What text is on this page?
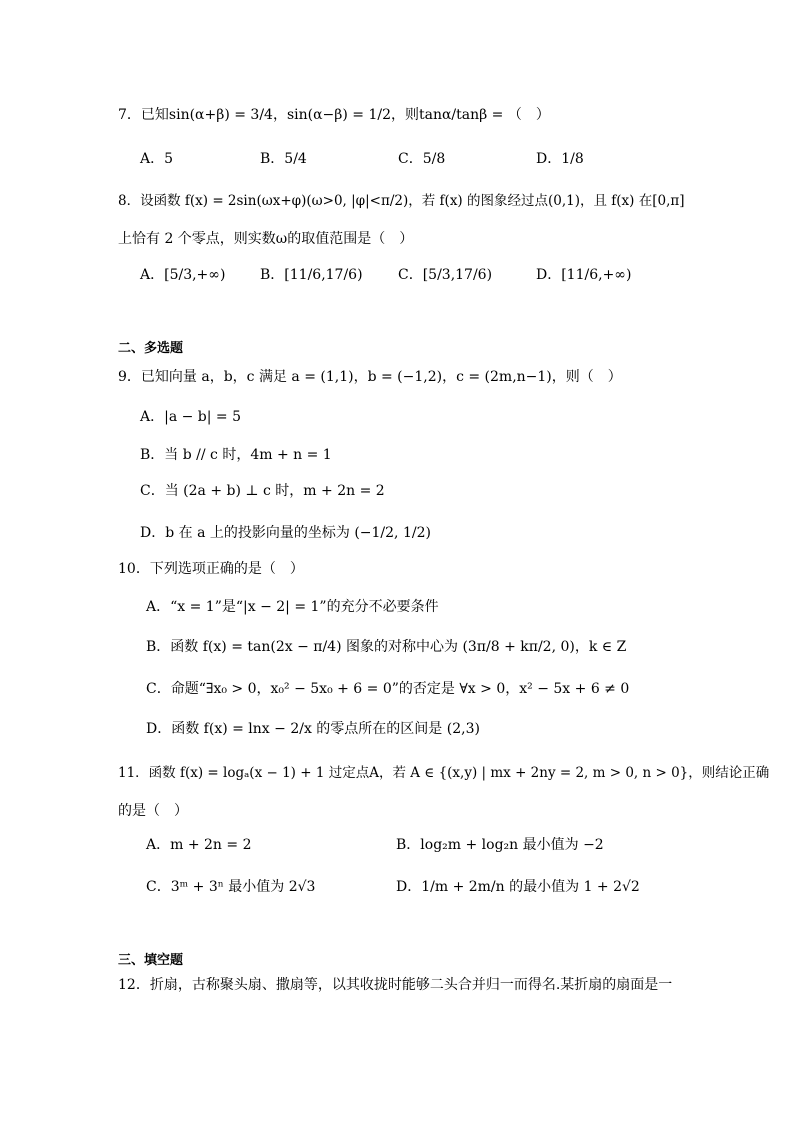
7．已知sin(α+β) = 3/4，sin(α−β) = 1/2，则tanα/tanβ = （　）
A．5	B．5/4	C．5/8	D．1/8
8．设函数 f(x) = 2sin(ωx+φ)(ω>0, |φ|<π/2)，若 f(x) 的图象经过点(0,1)，且 f(x) 在[0,π]
上恰有 2 个零点，则实数ω的取值范围是（　）
A．[5/3,+∞) B．[11/6,17/6)	C．[5/3,17/6)	D．[11/6,+∞)
二、多选题
9．已知向量 a，b，c 满足 a = (1,1)，b = (−1,2)，c = (2m,n−1)，则（　）
A．|a − b| = 5
B．当 b // c 时，4m + n = 1
C．当 (2a + b) ⊥ c 时，m + 2n = 2
D．b 在 a 上的投影向量的坐标为 (−1/2, 1/2)
10．下列选项正确的是（　）
A．“x = 1”是“|x − 2| = 1”的充分不必要条件
B．函数 f(x) = tan(2x − π/4) 图象的对称中心为 (3π/8 + kπ/2, 0)，k ∈ Z
C．命题“∃x₀ > 0，x₀² − 5x₀ + 6 = 0”的否定是 ∀x > 0，x² − 5x + 6 ≠ 0
D．函数 f(x) = lnx − 2/x 的零点所在的区间是 (2,3)
11．函数 f(x) = logₐ(x − 1) + 1 过定点A，若 A ∈ {(x,y) | mx + 2ny = 2, m > 0, n > 0}，则结论正确
的是（　）
A．m + 2n = 2	B．log₂m + log₂n 最小值为 −2
C．3ᵐ + 3ⁿ 最小值为 2√3	D．1/m + 2m/n 的最小值为 1 + 2√2
三、填空题
12．折扇，古称聚头扇、撒扇等，以其收拢时能够二头合并归一而得名.某折扇的扇面是一
